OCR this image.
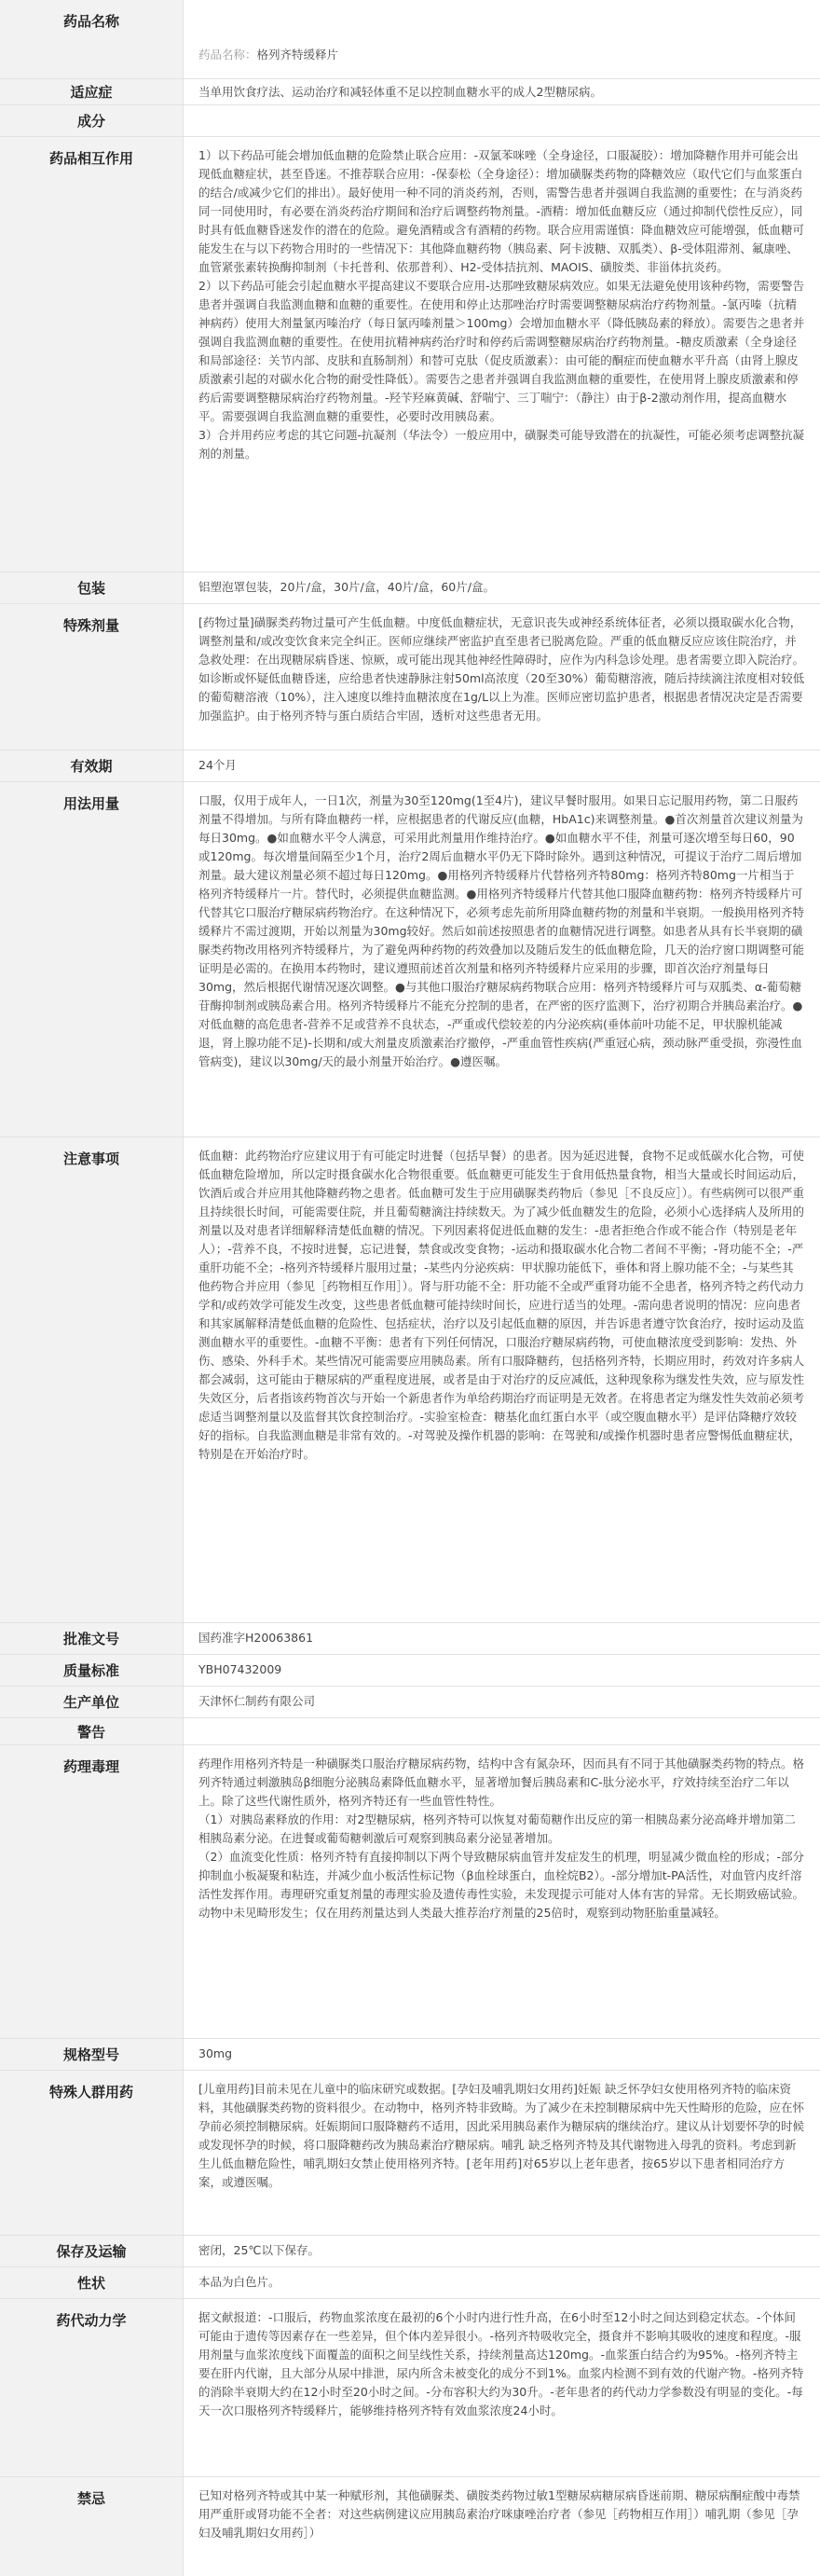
药品名称

药品名称：格列齐特缓释片

适应症	当单用饮食疗法、运动治疗和减轻体重不足以控制血糖水平的成人2型糖尿病。
成分
药品相互作用	1）以下药品可能会增加低血糖的危险禁止联合应用：-双氯苯咪唑（全身途径，口服凝胶）：增加降糖作用并可能会出现低血糖症状，甚至昏迷。不推荐联合应用：-保泰松（全身途径）：增加磺脲类药物的降糖效应（取代它们与血浆蛋白的结合/或减少它们的排出）。最好使用一种不同的消炎药剂，否则，需警告患者并强调自我监测的重要性；在与消炎药同一同使用时，有必要在消炎药治疗期间和治疗后调整药物剂量。-酒精：增加低血糖反应（通过抑制代偿性反应），同时具有低血糖昏迷发作的潜在的危险。避免酒精或含有酒精的药物。联合应用需谨慎：降血糖效应可能增强，低血糖可能发生在与以下药物合用时的一些情况下：其他降血糖药物（胰岛素、阿卡波糖、双胍类）、β-受体阻滞剂、氟康唑、血管紧张素转换酶抑制剂（卡托普利、依那普利）、H2-受体拮抗剂、MAOIS、磺胺类、非甾体抗炎药。
2）以下药品可能会引起血糖水平提高建议不要联合应用-达那唑致糖尿病效应。如果无法避免使用该种药物，需要警告患者并强调自我监测血糖和血糖的重要性。在使用和停止达那唑治疗时需要调整糖尿病治疗药物剂量。-氯丙嗪（抗精神病药）使用大剂量氯丙嗪治疗（每日氯丙嗪剂量＞100mg）会增加血糖水平（降低胰岛素的释放）。需要告之患者并强调自我监测血糖的重要性。在使用抗精神病药治疗时和停药后需调整糖尿病治疗药物剂量。-糖皮质激素（全身途径和局部途径：关节内部、皮肤和直肠制剂）和替可克肽（促皮质激素）：由可能的酮症而使血糖水平升高（由肾上腺皮质激素引起的对碳水化合物的耐受性降低）。需要告之患者并强调自我监测血糖的重要性，在使用肾上腺皮质激素和停药后需要调整糖尿病治疗药物剂量。-羟苄羟麻黄碱、舒喘宁、三丁喘宁：（静注）由于β-2激动剂作用，提高血糖水平。需要强调自我监测血糖的重要性，必要时改用胰岛素。
3）合并用药应考虑的其它问题-抗凝剂（华法令）一般应用中，磺脲类可能导致潜在的抗凝性，可能必须考虑调整抗凝剂的剂量。
包装	铝塑泡罩包装，20片/盒，30片/盒，40片/盒，60片/盒。
特殊剂量	[药物过量]磺脲类药物过量可产生低血糖。中度低血糖症状，无意识丧失或神经系统体征者，必须以摄取碳水化合物，调整剂量和/或改变饮食来完全纠正。医师应继续严密监护直至患者已脱离危险。严重的低血糖反应应该住院治疗，并急救处理：在出现糖尿病昏迷、惊厥，或可能出现其他神经性障碍时，应作为内科急诊处理。患者需要立即入院治疗。如诊断或怀疑低血糖昏迷，应给患者快速静脉注射50ml高浓度（20至30%）葡萄糖溶液，随后持续滴注浓度相对较低的葡萄糖溶液（10%），注入速度以维持血糖浓度在1g/L以上为准。医师应密切监护患者，根据患者情况决定是否需要加强监护。由于格列齐特与蛋白质结合牢固，透析对这些患者无用。
有效期	24个月
用法用量	口服，仅用于成年人，一日1次，剂量为30至120mg(1至4片)，建议早餐时服用。如果日忘记服用药物，第二日服药剂量不得增加。与所有降血糖药一样，应根据患者的代谢反应(血糖，HbA1c)来调整剂量。●首次剂量首次建议剂量为每日30mg。●如血糖水平令人满意，可采用此剂量用作维持治疗。●如血糖水平不佳，剂量可逐次增至每日60，90或120mg。每次增量间隔至少1个月，治疗2周后血糖水平仍无下降时除外。遇到这种情况，可提议于治疗二周后增加剂量。最大建议剂量必须不超过每日120mg。●用格列齐特缓释片代替格列齐特80mg：格列齐特80mg一片相当于格列齐特缓释片一片。替代时，必须提供血糖监测。●用格列齐特缓释片代替其他口服降血糖药物：格列齐特缓释片可代替其它口服治疗糖尿病药物治疗。在这种情况下，必须考虑先前所用降血糖药物的剂量和半衰期。一般换用格列齐特缓释片不需过渡期，开始以剂量为30mg较好。然后如前述按照患者的血糖情况进行调整。如患者从具有长半衰期的磺脲类药物改用格列齐特缓释片，为了避免两种药物的药效叠加以及随后发生的低血糖危险，几天的治疗窗口期调整可能证明是必需的。在换用本药物时，建议遵照前述首次剂量和格列齐特缓释片应采用的步骤，即首次治疗剂量每日30mg，然后根据代谢情况逐次调整。●与其他口服治疗糖尿病药物联合应用：格列齐特缓释片可与双胍类、α-葡萄糖苷酶抑制剂或胰岛素合用。格列齐特缓释片不能充分控制的患者，在严密的医疗监测下，治疗初期合并胰岛素治疗。●对低血糖的高危患者-营养不足或营养不良状态，-严重或代偿较差的内分泌疾病(垂体前叶功能不足，甲状腺机能减退，肾上腺功能不足)-长期和/或大剂量皮质激素治疗撤停，-严重血管性疾病(严重冠心病，颈动脉严重受损，弥漫性血管病变)，建议以30mg/天的最小剂量开始治疗。●遵医嘱。
注意事项	低血糖：此药物治疗应建议用于有可能定时进餐（包括早餐）的患者。因为延迟进餐，食物不足或低碳水化合物，可使低血糖危险增加，所以定时摄食碳水化合物很重要。低血糖更可能发生于食用低热量食物，相当大量或长时间运动后，饮酒后或合并应用其他降糖药物之患者。低血糖可发生于应用磺脲类药物后（参见［不良反应］）。有些病例可以很严重且持续很长时间，可能需要住院，并且葡萄糖滴注持续数天。为了减少低血糖发生的危险，必须小心选择病人及所用的剂量以及对患者详细解释清楚低血糖的情况。下列因素将促进低血糖的发生：-患者拒绝合作或不能合作（特别是老年人）；-营养不良，不按时进餐，忘记进餐，禁食或改变食物；-运动和摄取碳水化合物二者间不平衡；-肾功能不全；-严重肝功能不全；-格列齐特缓释片服用过量；-某些内分泌疾病：甲状腺功能低下，垂体和肾上腺功能不全；-与某些其他药物合并应用（参见［药物相互作用］）。肾与肝功能不全：肝功能不全或严重肾功能不全患者，格列齐特之药代动力学和/或药效学可能发生改变，这些患者低血糖可能持续时间长，应进行适当的处理。-需向患者说明的情况：应向患者和其家属解释清楚低血糖的危险性、包括症状，治疗以及引起低血糖的原因，并告诉患者遵守饮食治疗，按时运动及监测血糖水平的重要性。-血糖不平衡：患者有下列任何情况，口服治疗糖尿病药物，可使血糖浓度受到影响：发热、外伤、感染、外科手术。某些情况可能需要应用胰岛素。所有口服降糖药，包括格列齐特，长期应用时，药效对许多病人都会减弱，这可能由于糖尿病的严重程度进展，或者是由于对治疗的反应减低，这种现象称为继发性失效，应与原发性失效区分，后者指该药物首次与开始一个新患者作为单给药期治疗而证明是无效者。在将患者定为继发性失效前必须考虑适当调整剂量以及监督其饮食控制治疗。-实验室检查：糖基化血红蛋白水平（或空腹血糖水平）是评估降糖疗效较好的指标。自我监测血糖是非常有效的。-对驾驶及操作机器的影响：在驾驶和/或操作机器时患者应警惕低血糖症状，特别是在开始治疗时。
批准文号	国药准字H20063861
质量标准	YBH07432009
生产单位	天津怀仁制药有限公司
警告
药理毒理	药理作用格列齐特是一种磺脲类口服治疗糖尿病药物，结构中含有氮杂环，因而具有不同于其他磺脲类药物的特点。格列齐特通过刺激胰岛β细胞分泌胰岛素降低血糖水平，显著增加餐后胰岛素和C-肽分泌水平，疗效持续至治疗二年以上。除了这些代谢性质外，格列齐特还有一些血管性特性。
（1）对胰岛素释放的作用：对2型糖尿病，格列齐特可以恢复对葡萄糖作出反应的第一相胰岛素分泌高峰并增加第二相胰岛素分泌。在进餐或葡萄糖刺激后可观察到胰岛素分泌显著增加。
（2）血流变化性质：格列齐特有直接抑制以下两个导致糖尿病血管并发症发生的机理，明显减少微血栓的形成；-部分抑制血小板凝聚和粘连，并减少血小板活性标记物（β血栓球蛋白，血栓烷B2）。-部分增加t-PA活性，对血管内皮纤溶活性发挥作用。毒理研究重复剂量的毒理实验及遗传毒性实验，未发现提示可能对人体有害的异常。无长期致癌试验。动物中未见畸形发生；仅在用药剂量达到人类最大推荐治疗剂量的25倍时，观察到动物胚胎重量减轻。
规格型号	30mg
特殊人群用药	[儿童用药]目前未见在儿童中的临床研究或数据。[孕妇及哺乳期妇女用药]妊娠 缺乏怀孕妇女使用格列齐特的临床资料，其他磺脲类药物的资料很少。在动物中，格列齐特非致畸。为了减少在未控制糖尿病中先天性畸形的危险，应在怀孕前必须控制糖尿病。妊娠期间口服降糖药不适用，因此采用胰岛素作为糖尿病的继续治疗。建议从计划要怀孕的时候或发现怀孕的时候，将口服降糖药改为胰岛素治疗糖尿病。哺乳 缺乏格列齐特及其代谢物进入母乳的资料。考虑到新生儿低血糖危险性，哺乳期妇女禁止使用格列齐特。[老年用药]对65岁以上老年患者，按65岁以下患者相同治疗方案，或遵医嘱。
保存及运输	密闭，25℃以下保存。
性状	本品为白色片。
药代动力学	据文献报道：-口服后，药物血浆浓度在最初的6个小时内进行性升高，在6小时至12小时之间达到稳定状态。-个体间可能由于遗传等因素存在一些差异，但个体内差异很小。-格列齐特吸收完全，摄食并不影响其吸收的速度和程度。-服用剂量与血浆浓度线下面覆盖的面积之间呈线性关系，持续剂量高达120mg。-血浆蛋白结合约为95%。-格列齐特主要在肝内代谢，且大部分从尿中排泄，尿内所含未被变化的成分不到1%。血浆内检测不到有效的代谢产物。-格列齐特的消除半衰期大约在12小时至20小时之间。-分布容积大约为30升。-老年患者的药代动力学参数没有明显的变化。-每天一次口服格列齐特缓释片，能够维持格列齐特有效血浆浓度24小时。
禁忌	已知对格列齐特或其中某一种赋形剂，其他磺脲类、磺胺类药物过敏1型糖尿病糖尿病昏迷前期、糖尿病酮症酸中毒禁用严重肝或肾功能不全者：对这些病例建议应用胰岛素治疗咪康唑治疗者（参见［药物相互作用］）哺乳期（参见［孕妇及哺乳期妇女用药］）
